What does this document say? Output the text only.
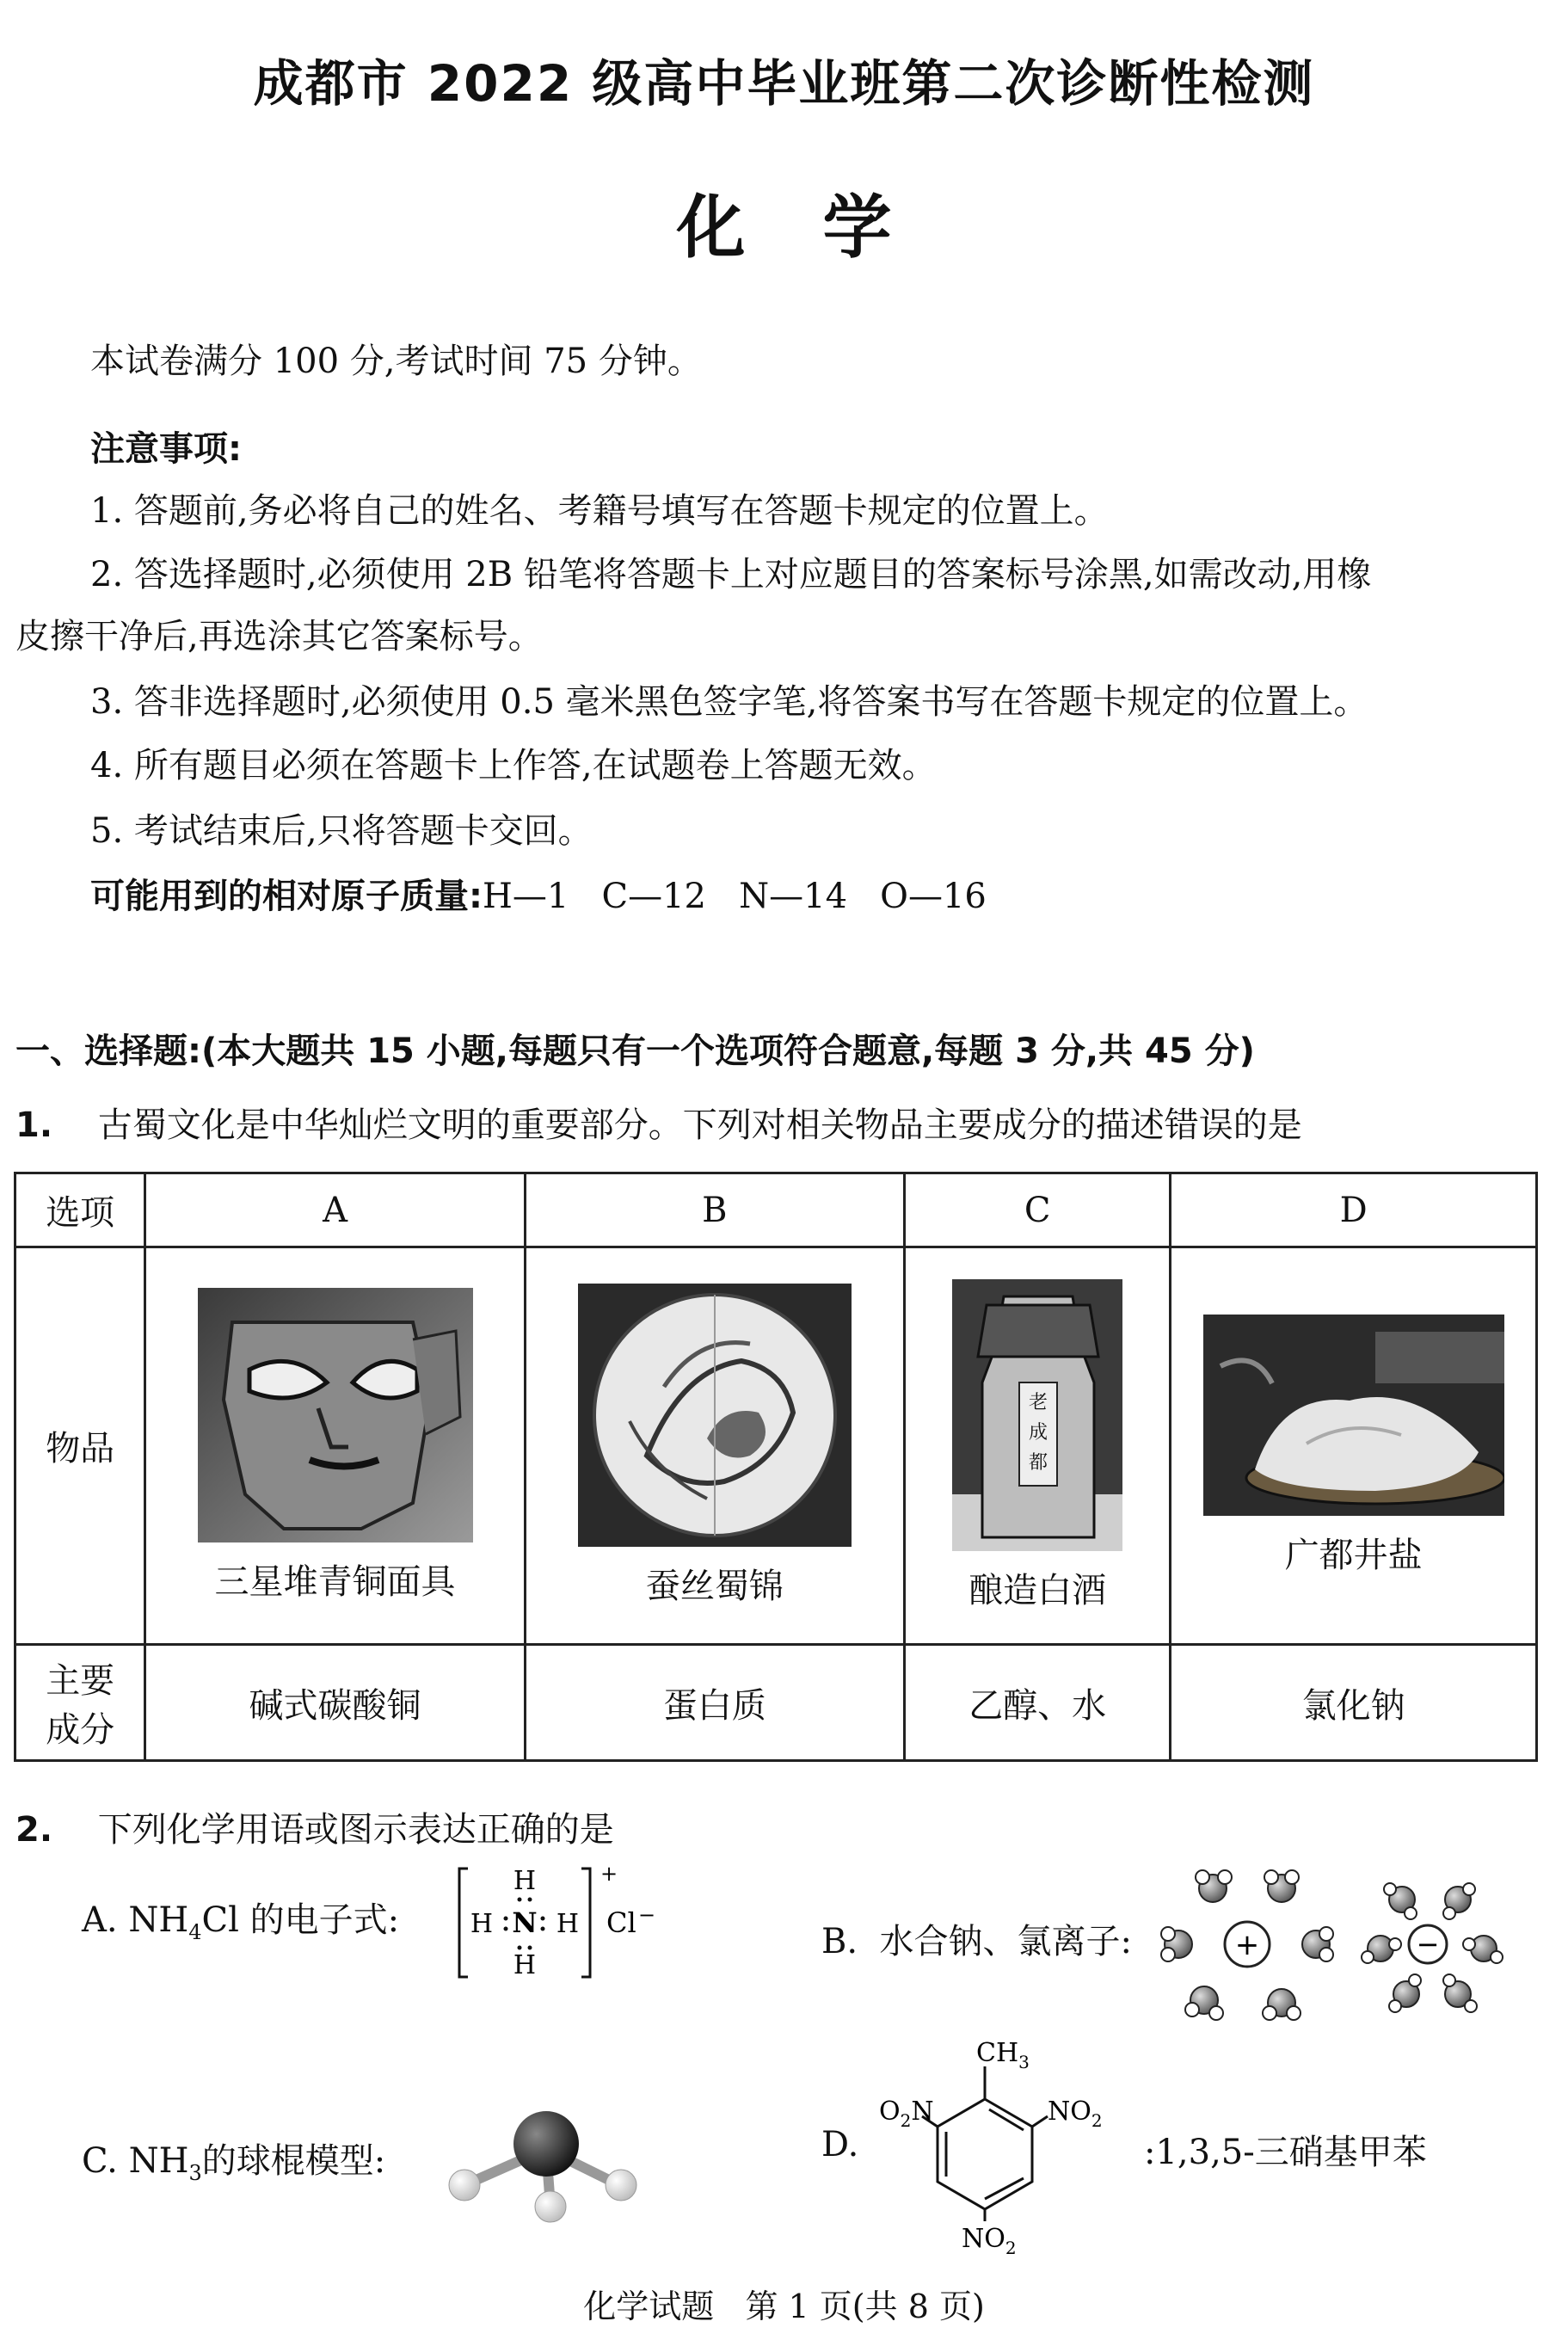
成都市 2022 级高中毕业班第二次诊断性检测
化学
本试卷满分 100 分,考试时间 75 分钟。
注意事项:
1. 答题前,务必将自己的姓名、考籍号填写在答题卡规定的位置上。
2. 答选择题时,必须使用 2B 铅笔将答题卡上对应题目的答案标号涂黑,如需改动,用橡
皮擦干净后,再选涂其它答案标号。
3. 答非选择题时,必须使用 0.5 毫米黑色签字笔,将答案书写在答题卡规定的位置上。
4. 所有题目必须在答题卡上作答,在试题卷上答题无效。
5. 考试结束后,只将答题卡交回。
可能用到的相对原子质量:H—1   C—12   N—14   O—16
一、选择题:(本大题共 15 小题,每题只有一个选项符合题意,每题 3 分,共 45 分)
1. 古蜀文化是中华灿烂文明的重要部分。下列对相关物品主要成分的描述错误的是
选项	A	B	C	D
物品	三星堆青铜面具	蚕丝蜀锦	老
成
都
酿造白酒	广都井盐

主要
成分	碱式碳酸铜	蛋白质	乙醇、水	氯化钠
2. 下列化学用语或图示表达正确的是
A. $NH_4Cl$ 的电子式:
H
H N H
H
+
Cl −
B.  水合钠、氯离子:	+	−
C. $NH_3$的球棍模型:	D.
$CH_3$
$NO_2$
$O_2N$
$NO_2$
:1,3,5-三硝基甲苯
化学试题   第 1 页(共 8 页)
